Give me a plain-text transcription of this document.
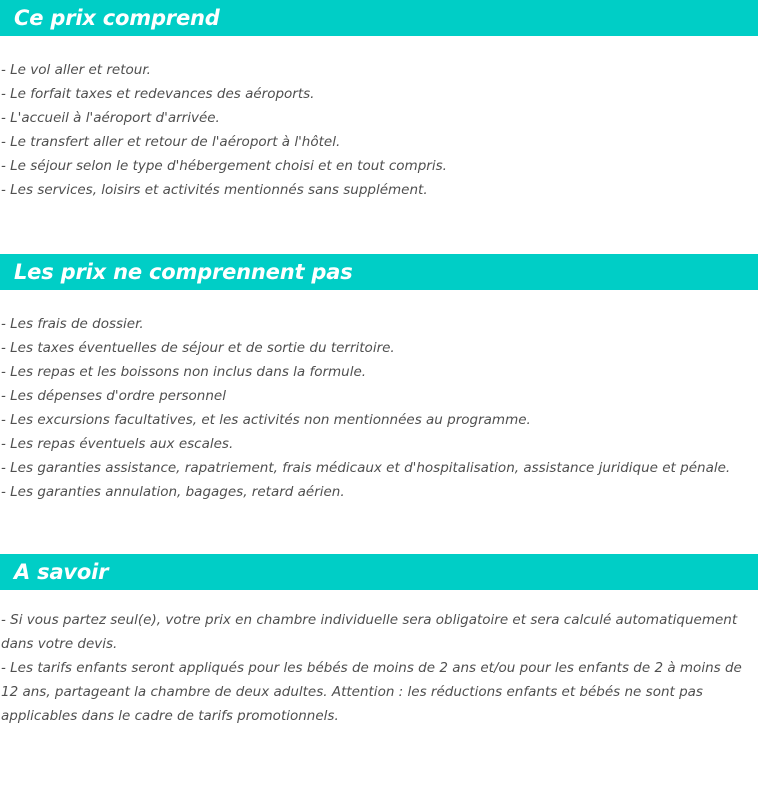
Ce prix comprend
- Le vol aller et retour.
- Le forfait taxes et redevances des aéroports.
- L'accueil à l'aéroport d'arrivée.
- Le transfert aller et retour de l'aéroport à l'hôtel.
- Le séjour selon le type d'hébergement choisi et en tout compris.
- Les services, loisirs et activités mentionnés sans supplément.
Les prix ne comprennent pas
- Les frais de dossier.
- Les taxes éventuelles de séjour et de sortie du territoire.
- Les repas et les boissons non inclus dans la formule.
- Les dépenses d'ordre personnel
- Les excursions facultatives, et les activités non mentionnées au programme.
- Les repas éventuels aux escales.
- Les garanties assistance, rapatriement, frais médicaux et d'hospitalisation, assistance juridique et pénale.
- Les garanties annulation, bagages, retard aérien.
A savoir
- Si vous partez seul(e), votre prix en chambre individuelle sera obligatoire et sera calculé automatiquement dans votre devis.
- Les tarifs enfants seront appliqués pour les bébés de moins de 2 ans et/ou pour les enfants de 2 à moins de 12 ans, partageant la chambre de deux adultes. Attention : les réductions enfants et bébés ne sont pas applicables dans le cadre de tarifs promotionnels.
